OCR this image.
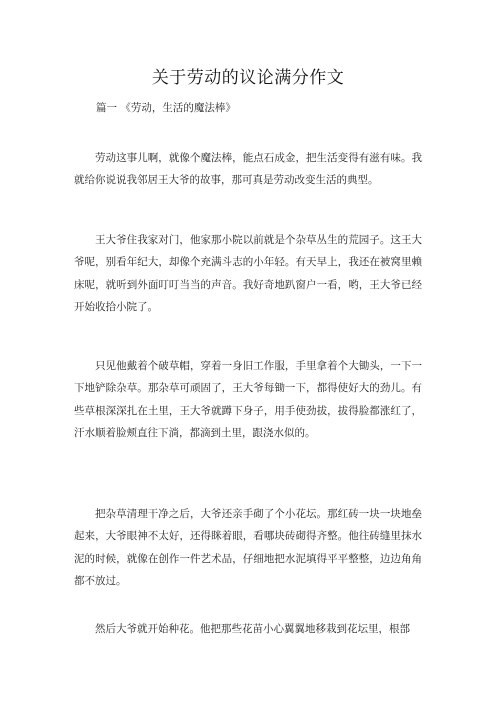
关于劳动的议论满分作文
篇一 《劳动，生活的魔法棒》
劳动这事儿啊，就像个魔法棒，能点石成金，把生活变得有滋有味。我就给你说说我邻居王大爷的故事，那可真是劳动改变生活的典型。
王大爷住我家对门，他家那小院以前就是个杂草丛生的荒园子。这王大爷呢，别看年纪大，却像个充满斗志的小年轻。有天早上，我还在被窝里赖床呢，就听到外面叮叮当当的声音。我好奇地趴窗户一看，哟，王大爷已经开始收拾小院了。
只见他戴着个破草帽，穿着一身旧工作服，手里拿着个大锄头，一下一下地铲除杂草。那杂草可顽固了，王大爷每锄一下，都得使好大的劲儿。有些草根深深扎在土里，王大爷就蹲下身子，用手使劲拔，拔得脸都涨红了，汗水顺着脸颊直往下淌，都滴到土里，跟浇水似的。
把杂草清理干净之后，大爷还亲手砌了个小花坛。那红砖一块一块地垒起来，大爷眼神不太好，还得眯着眼，看哪块砖砌得齐整。他往砖缝里抹水泥的时候，就像在创作一件艺术品，仔细地把水泥填得平平整整，边边角角都不放过。
然后大爷就开始种花。他把那些花苗小心翼翼地移栽到花坛里，根部
